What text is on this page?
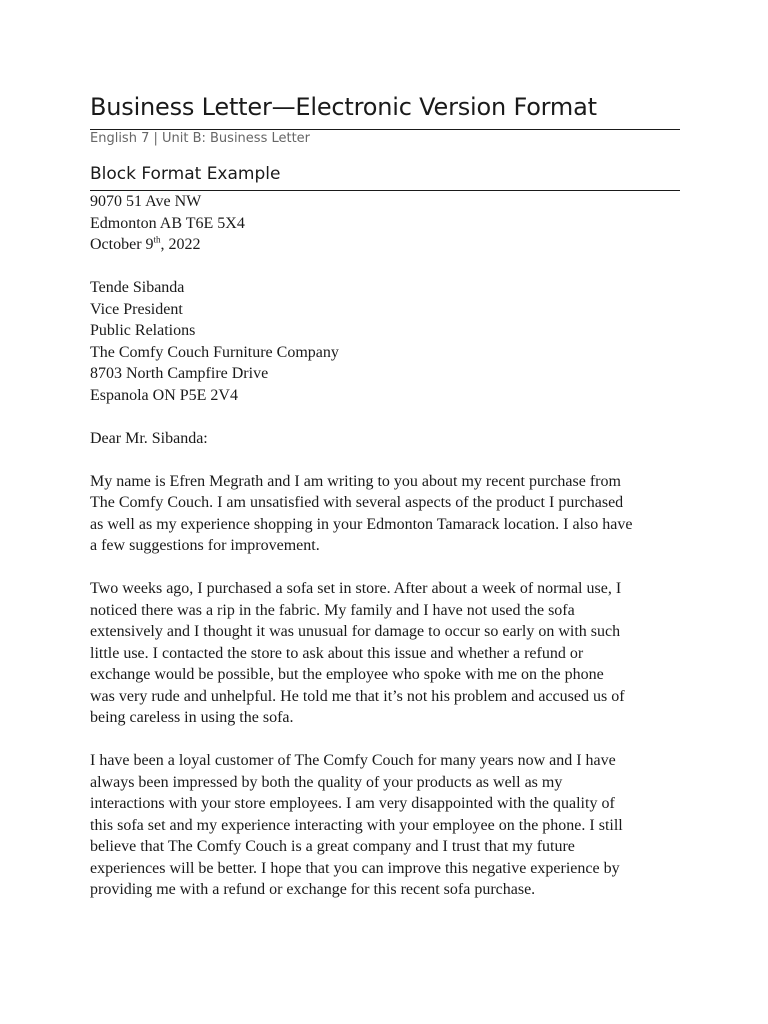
Business Letter—Electronic Version Format
English 7 | Unit B: Business Letter
Block Format Example
9070 51 Ave NW
Edmonton AB T6E 5X4
October 9th, 2022
Tende Sibanda
Vice President
Public Relations
The Comfy Couch Furniture Company
8703 North Campfire Drive
Espanola ON P5E 2V4
Dear Mr. Sibanda:
My name is Efren Megrath and I am writing to you about my recent purchase from
The Comfy Couch. I am unsatisfied with several aspects of the product I purchased
as well as my experience shopping in your Edmonton Tamarack location. I also have
a few suggestions for improvement.
Two weeks ago, I purchased a sofa set in store. After about a week of normal use, I
noticed there was a rip in the fabric. My family and I have not used the sofa
extensively and I thought it was unusual for damage to occur so early on with such
little use. I contacted the store to ask about this issue and whether a refund or
exchange would be possible, but the employee who spoke with me on the phone
was very rude and unhelpful. He told me that it’s not his problem and accused us of
being careless in using the sofa.
I have been a loyal customer of The Comfy Couch for many years now and I have
always been impressed by both the quality of your products as well as my
interactions with your store employees. I am very disappointed with the quality of
this sofa set and my experience interacting with your employee on the phone. I still
believe that The Comfy Couch is a great company and I trust that my future
experiences will be better. I hope that you can improve this negative experience by
providing me with a refund or exchange for this recent sofa purchase.
